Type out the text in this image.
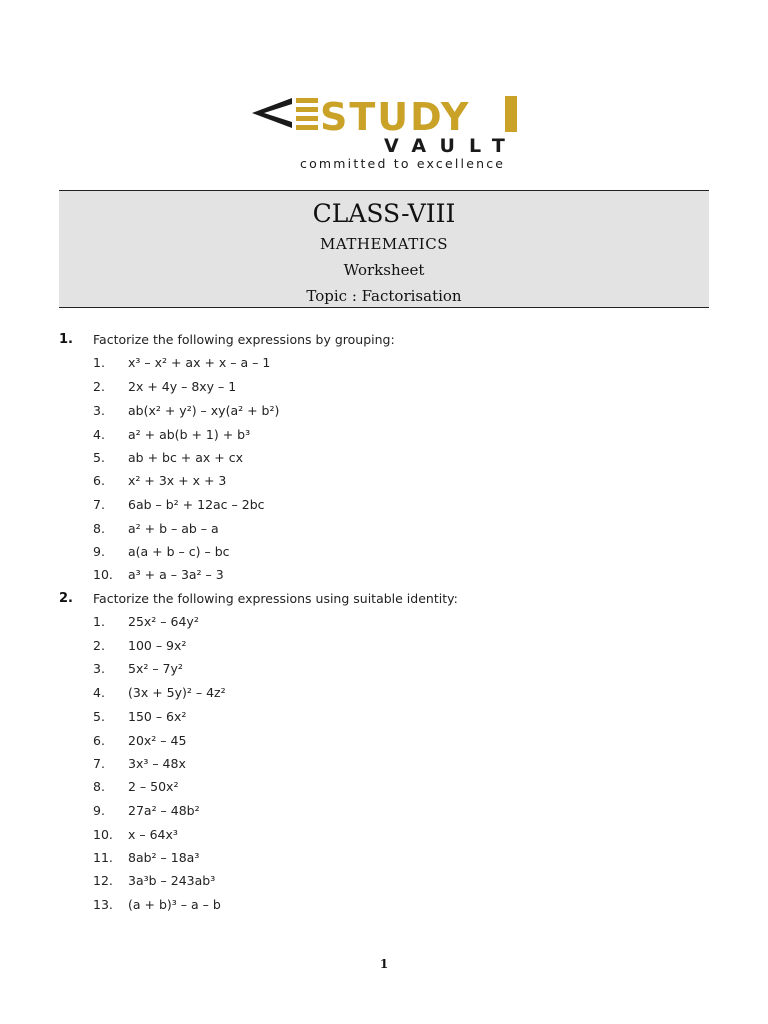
STUDY
VAULT
committed to excellence
CLASS-VIII
MATHEMATICS
Worksheet
Topic : Factorisation
1. Factorize the following expressions by grouping:
1. x³ – x² + ax + x – a – 1
2. 2x + 4y – 8xy – 1
3. ab(x² + y²) – xy(a² + b²)
4. a² + ab(b + 1) + b³
5. ab + bc + ax + cx
6. x² + 3x + x + 3
7. 6ab – b² + 12ac – 2bc
8. a² + b – ab – a
9. a(a + b – c) – bc
10. a³ + a – 3a² – 3
2. Factorize the following expressions using suitable identity:
1. 25x² – 64y²
2. 100 – 9x²
3. 5x² – 7y²
4. (3x + 5y)² – 4z²
5. 150 – 6x²
6. 20x² – 45
7. 3x³ – 48x
8. 2 – 50x²
9. 27a² – 48b²
10. x – 64x³
11. 8ab² – 18a³
12. 3a³b – 243ab³
13. (a + b)³ – a – b
1
